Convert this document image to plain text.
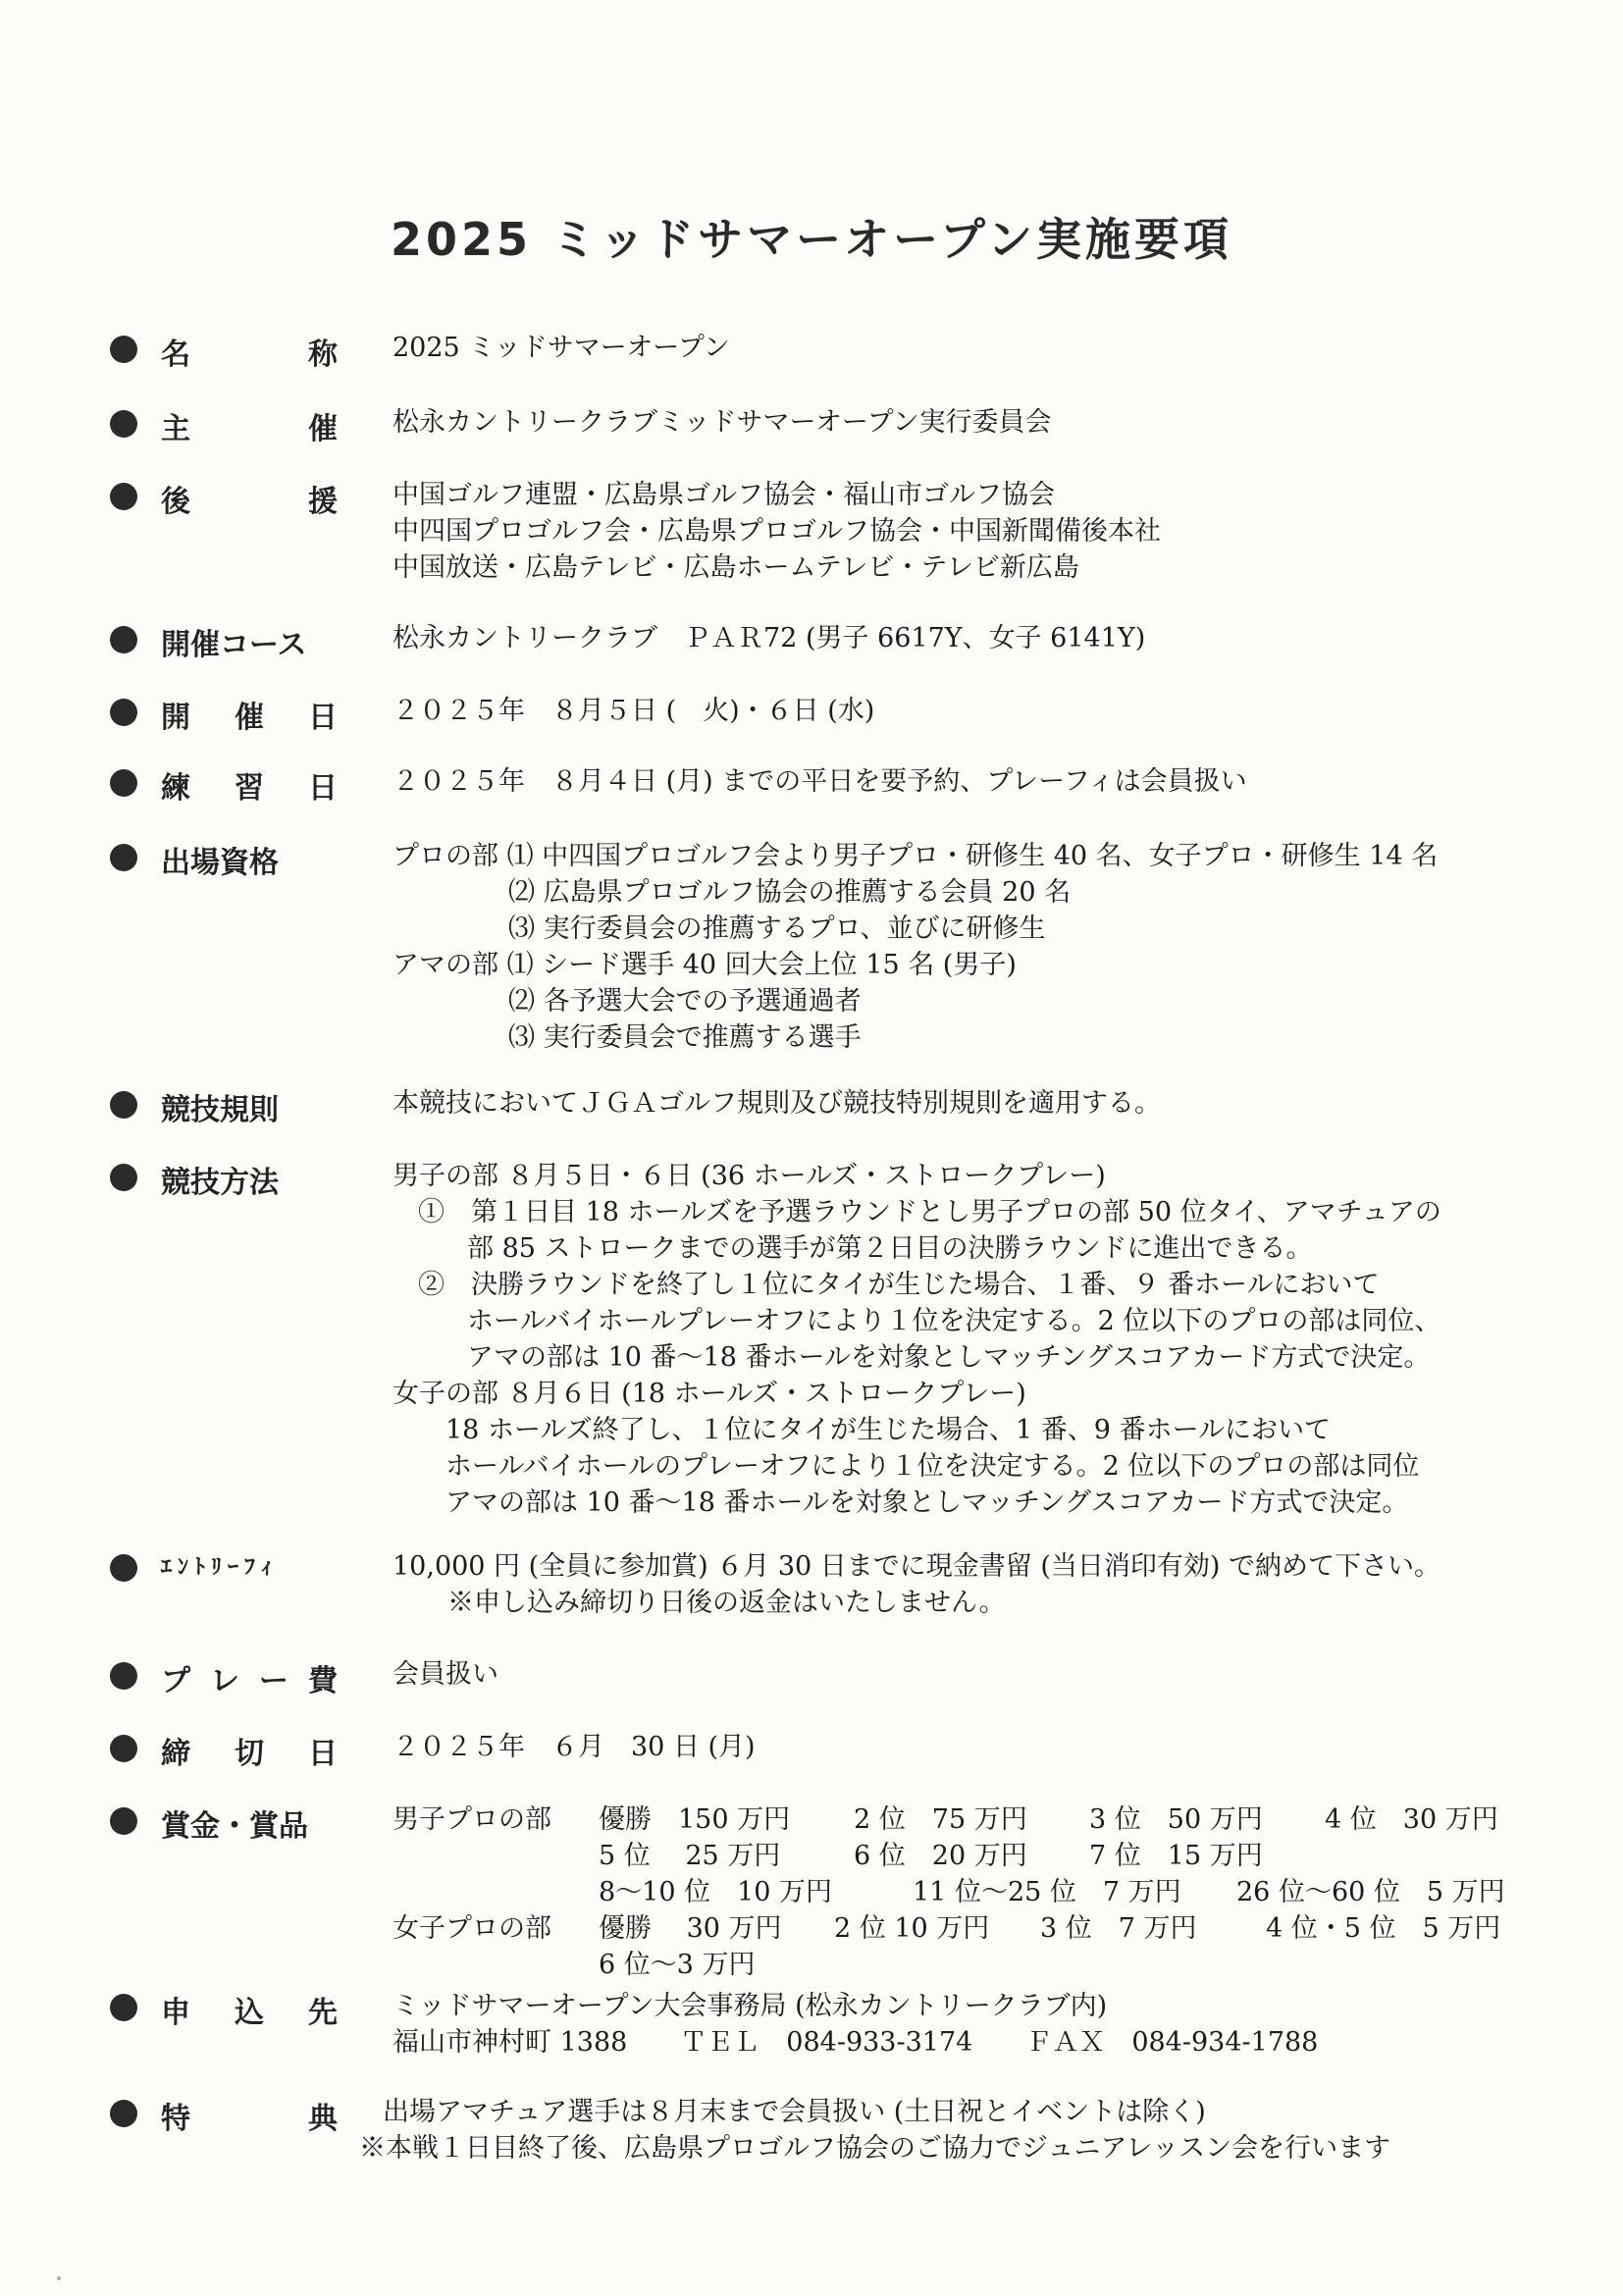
2025 ミッドサマーオープン実施要項
名	称 2025 ミッドサマーオープン
主	催 松永カントリークラブミッドサマーオープン実行委員会
後	援 中国ゴルフ連盟・広島県ゴルフ協会・福山市ゴルフ協会
中四国プロゴルフ会・広島県プロゴルフ協会・中国新聞備後本社
中国放送・広島テレビ・広島ホームテレビ・テレビ新広島
開催コース	松永カントリークラブ　ＰＡＲ72 (男子 6617Y、女子 6141Y)
開 催 日 ２０２５年　８月５日 (　火)・６日 (水)
練 習 日 ２０２５年　８月４日 (月) までの平日を要予約、プレーフィは会員扱い
出場資格	プロの部 ⑴ 中四国プロゴルフ会より男子プロ・研修生 40 名、女子プロ・研修生 14 名
⑵ 広島県プロゴルフ協会の推薦する会員 20 名
⑶ 実行委員会の推薦するプロ、並びに研修生
アマの部 ⑴ シード選手 40 回大会上位 15 名 (男子)
⑵ 各予選大会での予選通過者
⑶ 実行委員会で推薦する選手
競技規則	本競技においてＪＧＡゴルフ規則及び競技特別規則を適用する。
競技方法	男子の部 ８月５日・６日 (36 ホールズ・ストロークプレー)
①　第１日目 18 ホールズを予選ラウンドとし男子プロの部 50 位タイ、アマチュアの
部 85 ストロークまでの選手が第２日目の決勝ラウンドに進出できる。
②　決勝ラウンドを終了し１位にタイが生じた場合、１番、９ 番ホールにおいて
ホールバイホールプレーオフにより１位を決定する。2 位以下のプロの部は同位、
アマの部は 10 番～18 番ホールを対象としマッチングスコアカード方式で決定。
女子の部 ８月６日 (18 ホールズ・ストロークプレー)
18 ホールズ終了し、１位にタイが生じた場合、1 番、9 番ホールにおいて
ホールバイホールのプレーオフにより１位を決定する。2 位以下のプロの部は同位
アマの部は 10 番～18 番ホールを対象としマッチングスコアカード方式で決定。
ｴﾝﾄﾘｰﾌｨ	10,000 円 (全員に参加賞) ６月 30 日までに現金書留 (当日消印有効) で納めて下さい。
※申し込み締切り日後の返金はいたしません。
プ レ ー 費 会員扱い
締 切 日 ２０２５年　６月　30 日 (月)
賞金・賞品	男子プロの部	優勝　150 万円	2 位　75 万円	3 位　50 万円	4 位　30 万円
5 位　 25 万円	6 位　20 万円	7 位　15 万円
8～10 位　10 万円	11 位～25 位　7 万円	26 位～60 位　5 万円
女子プロの部	優勝　 30 万円	2 位 10 万円	3 位　7 万円	4 位・5 位　5 万円
6 位～3 万円
申 込 先 ミッドサマーオープン大会事務局 (松永カントリークラブ内)
福山市神村町 1388　　ＴＥＬ　084-933-3174　　ＦＡＸ　084-934-1788
特	典 出場アマチュア選手は８月末まで会員扱い (土日祝とイベントは除く)
※本戦１日目終了後、広島県プロゴルフ協会のご協力でジュニアレッスン会を行います
